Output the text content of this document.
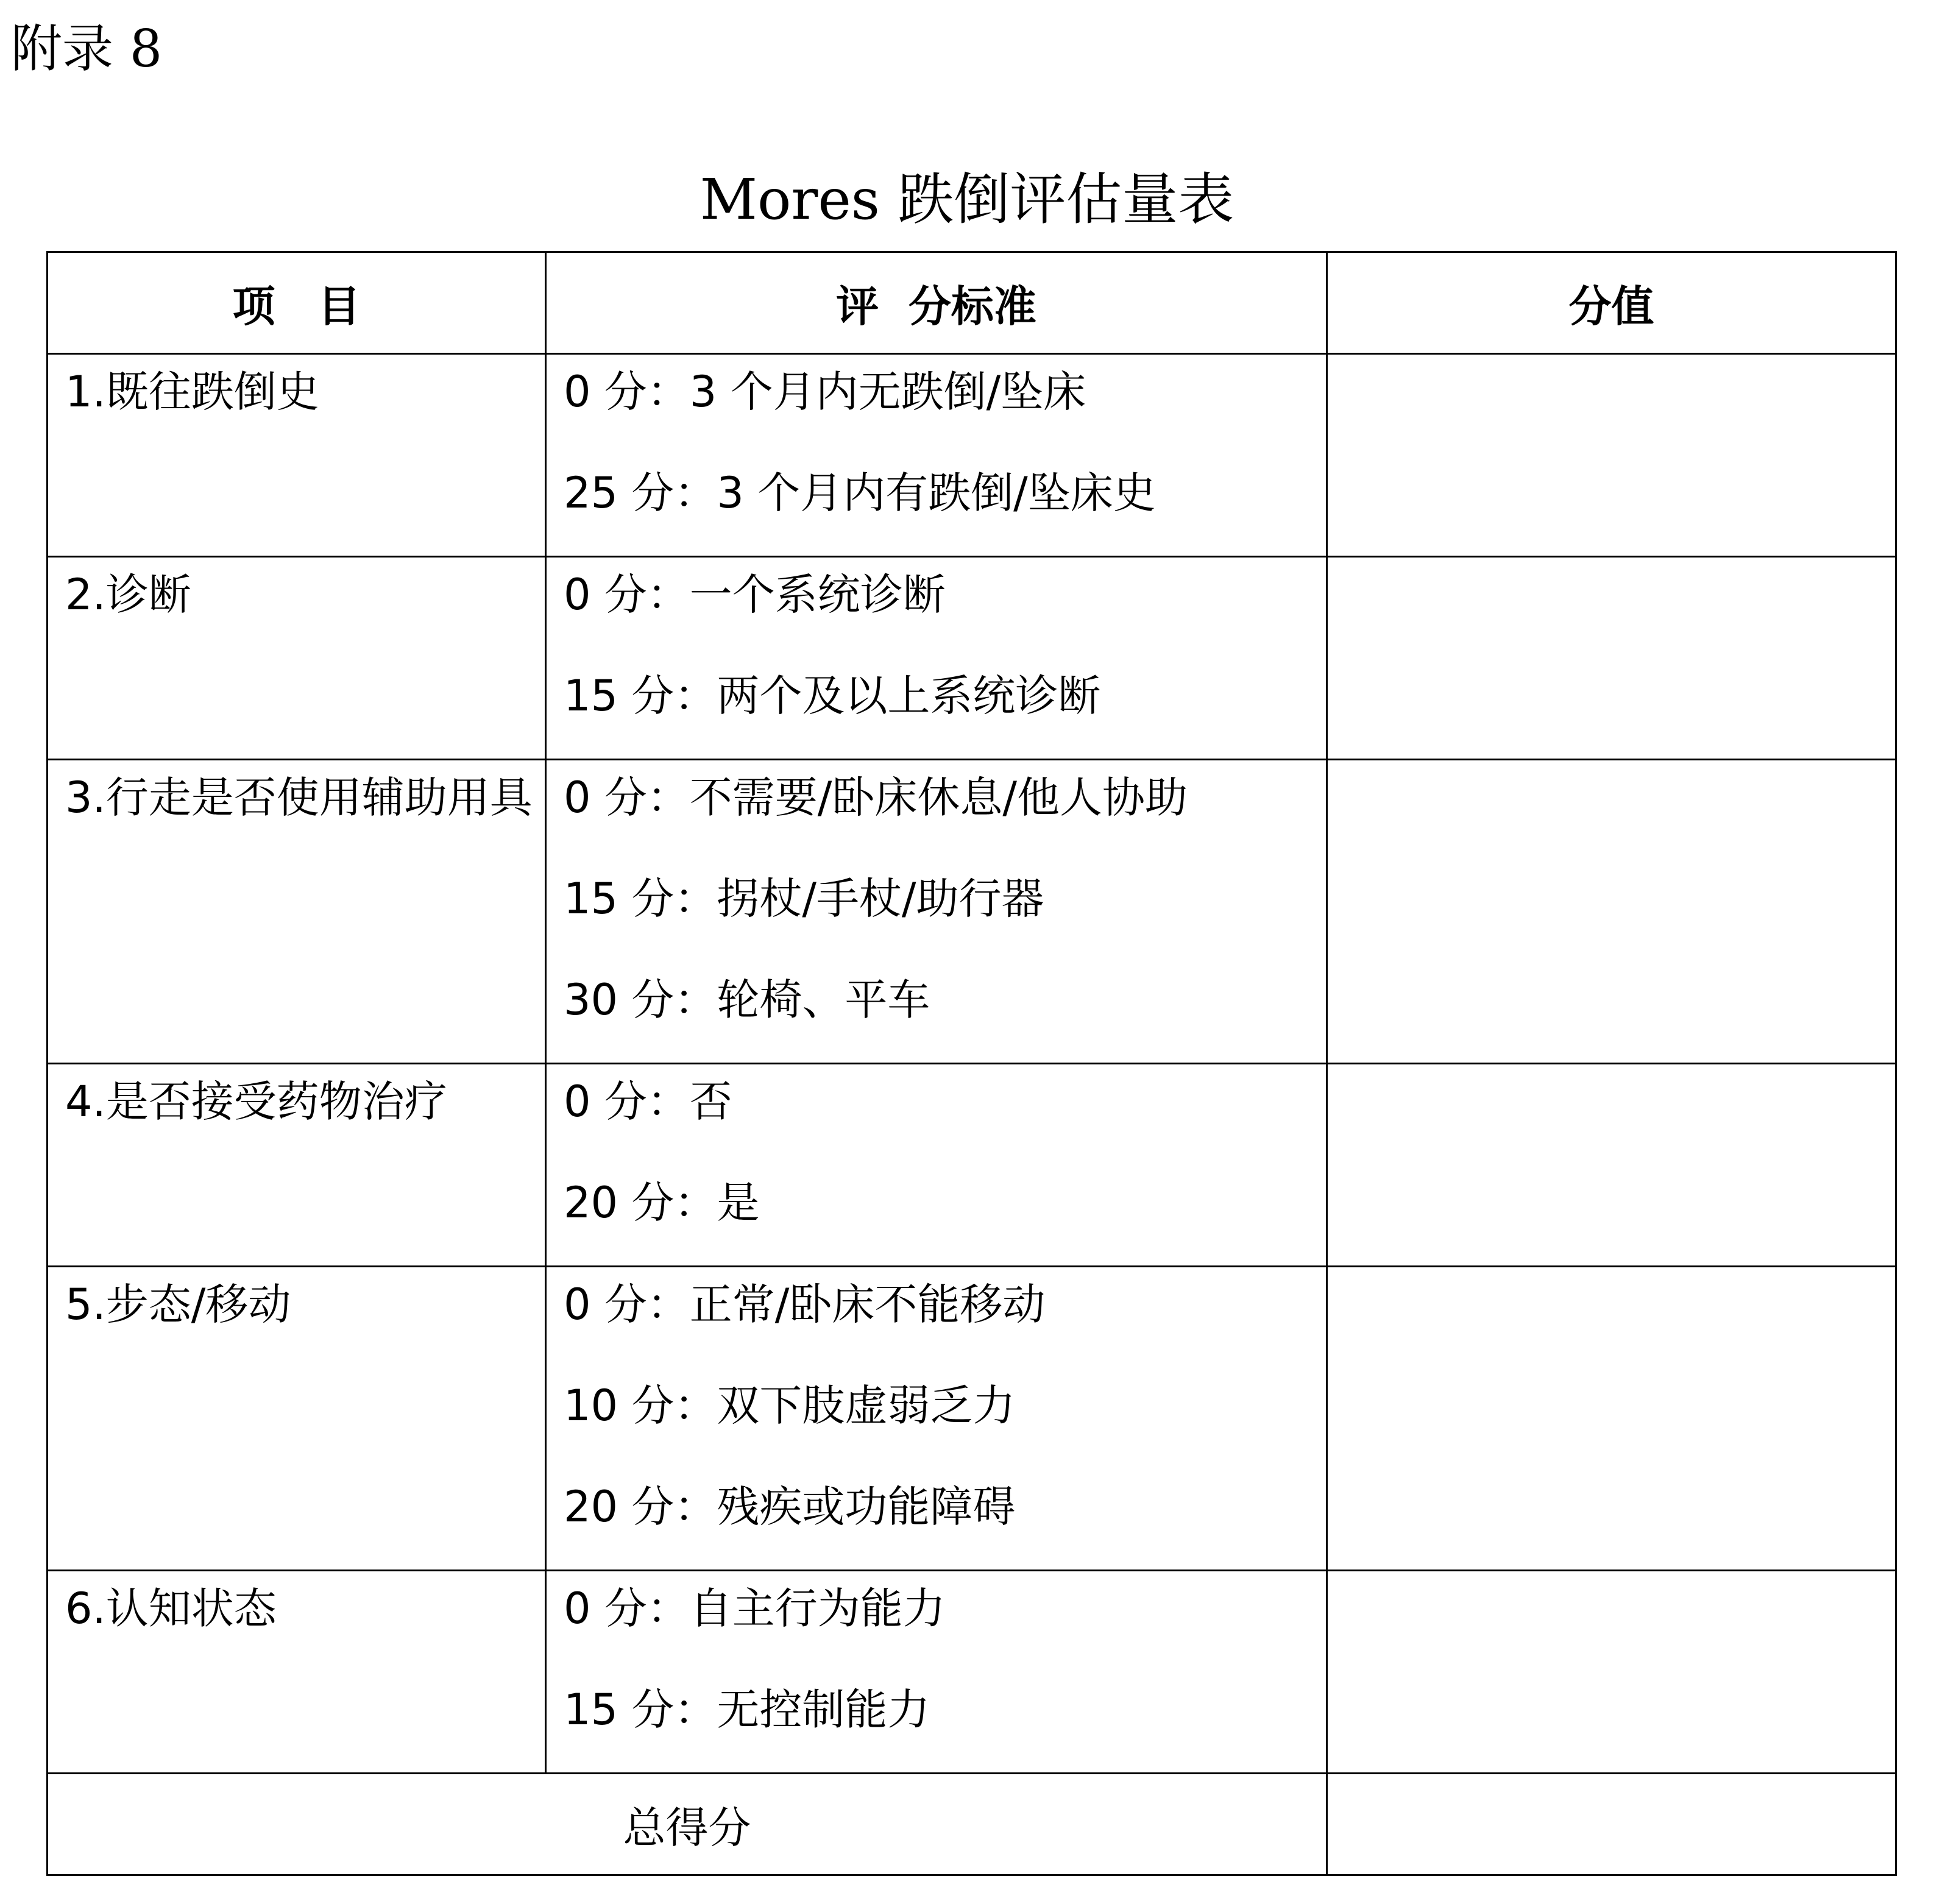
附录 8
Mores 跌倒评估量表
项　目	评  分标准	分值

1.既往跌倒史	0 分：3 个月内无跌倒/坠床
25 分：3 个月内有跌倒/坠床史	

2.诊断	0 分：一个系统诊断
15 分：两个及以上系统诊断	

3.行走是否使用辅助用具	0 分：不需要/卧床休息/他人协助
15 分：拐杖/手杖/助行器
30 分：轮椅、平车	

4.是否接受药物治疗	0 分：否
20 分：是	

5.步态/移动	0 分：正常/卧床不能移动
10 分：双下肢虚弱乏力
20 分：残疾或功能障碍	

6.认知状态	0 分：自主行为能力
15 分：无控制能力	

总得分		
